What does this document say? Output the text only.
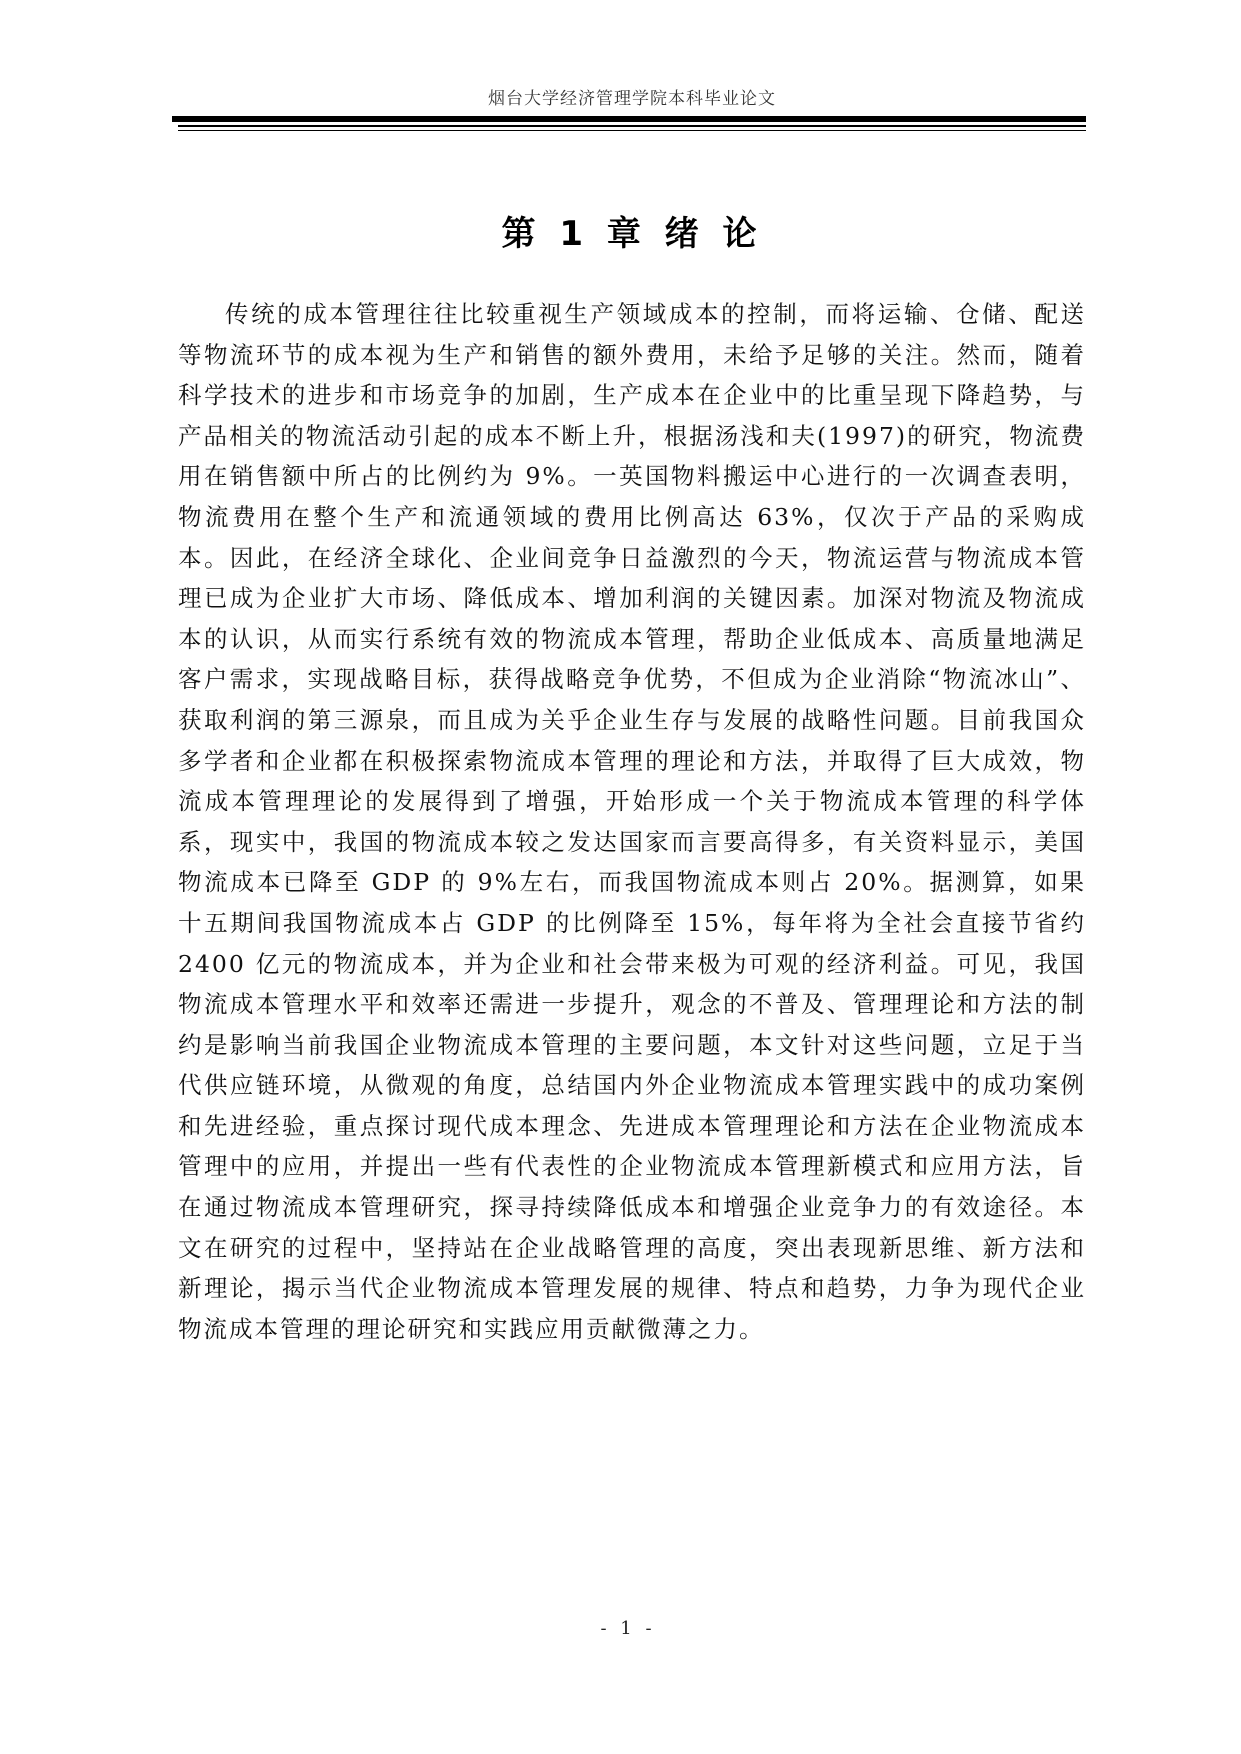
烟台大学经济管理学院本科毕业论文
第 1 章 绪 论

传统的成本管理往往比较重视生产领域成本的控制，而将运输、仓储、配送等物流环节的成本视为生产和销售的额外费用，未给予足够的关注。然而，随着科学技术的进步和市场竞争的加剧，生产成本在企业中的比重呈现下降趋势，与产品相关的物流活动引起的成本不断上升，根据汤浅和夫(1997)的研究，物流费用在销售额中所占的比例约为 9%。一英国物料搬运中心进行的一次调查表明，物流费用在整个生产和流通领域的费用比例高达 63%，仅次于产品的采购成本。因此，在经济全球化、企业间竞争日益激烈的今天，物流运营与物流成本管理已成为企业扩大市场、降低成本、增加利润的关键因素。加深对物流及物流成本的认识，从而实行系统有效的物流成本管理，帮助企业低成本、高质量地满足客户需求，实现战略目标，获得战略竞争优势，不但成为企业消除“物流冰山”、获取利润的第三源泉，而且成为关乎企业生存与发展的战略性问题。目前我国众多学者和企业都在积极探索物流成本管理的理论和方法，并取得了巨大成效，物流成本管理理论的发展得到了增强，开始形成一个关于物流成本管理的科学体系，现实中，我国的物流成本较之发达国家而言要高得多，有关资料显示，美国物流成本已降至 GDP 的 9%左右，而我国物流成本则占 20%。据测算，如果十五期间我国物流成本占 GDP 的比例降至 15%，每年将为全社会直接节省约 2400 亿元的物流成本，并为企业和社会带来极为可观的经济利益。可见，我国物流成本管理水平和效率还需进一步提升，观念的不普及、管理理论和方法的制约是影响当前我国企业物流成本管理的主要问题，本文针对这些问题，立足于当代供应链环境，从微观的角度，总结国内外企业物流成本管理实践中的成功案例和先进经验，重点探讨现代成本理念、先进成本管理理论和方法在企业物流成本管理中的应用，并提出一些有代表性的企业物流成本管理新模式和应用方法，旨在通过物流成本管理研究，探寻持续降低成本和增强企业竞争力的有效途径。本文在研究的过程中，坚持站在企业战略管理的高度，突出表现新思维、新方法和新理论，揭示当代企业物流成本管理发展的规律、特点和趋势，力争为现代企业物流成本管理的理论研究和实践应用贡献微薄之力。

- 1 -
